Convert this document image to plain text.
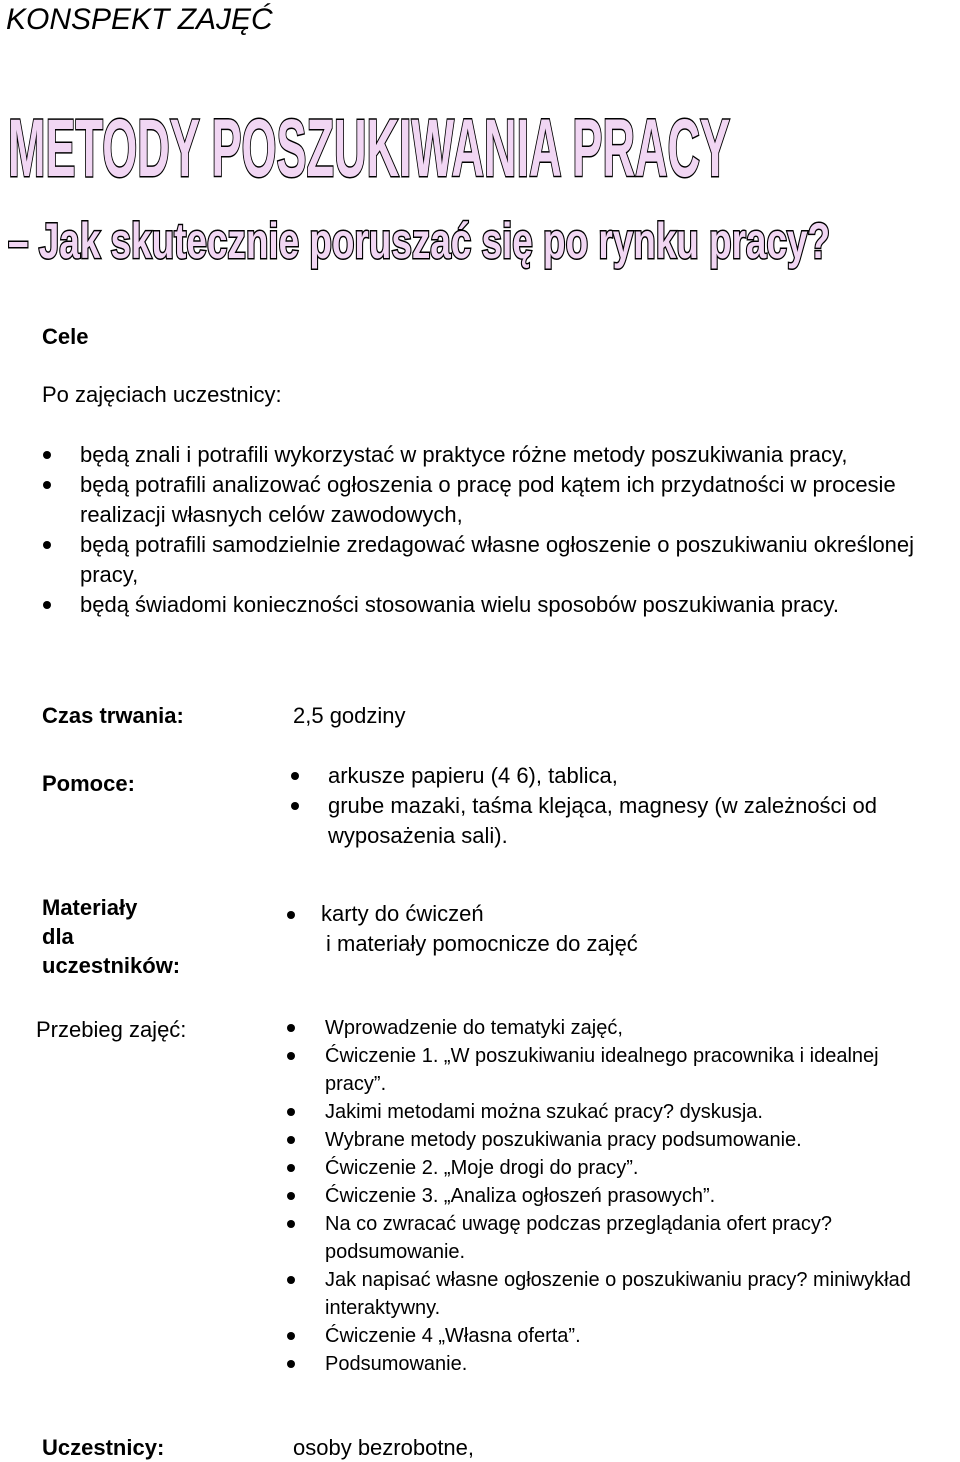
KONSPEKT ZAJĘĆ
METODY POSZUKIWANIA PRACY
– Jak skutecznie poruszać się po rynku pracy?
Cele
Po zajęciach uczestnicy:
będą znali i potrafili wykorzystać w praktyce różne metody poszukiwania pracy,
będą potrafili analizować ogłoszenia o pracę pod kątem ich przydatności w procesie realizacji własnych celów zawodowych,
będą potrafili samodzielnie zredagować własne ogłoszenie o poszukiwaniu określonej pracy,
będą świadomi konieczności stosowania wielu sposobów poszukiwania pracy.
Czas trwania:	2,5 godziny
Pomoce:	arkusze papieru (4 6), tablica,
grube mazaki, taśma klejąca, magnesy (w zależności od wyposażenia sali).
Materiały
dla
uczestników:
karty do ćwiczeń
i materiały pomocnicze do zajęć
Przebieg zajęć:	Wprowadzenie do tematyki zajęć,
Ćwiczenie 1. „W poszukiwaniu idealnego pracownika i idealnej pracy”.
Jakimi metodami można szukać pracy? dyskusja.
Wybrane metody poszukiwania pracy podsumowanie.
Ćwiczenie 2. „Moje drogi do pracy”.
Ćwiczenie 3. „Analiza ogłoszeń prasowych”.
Na co zwracać uwagę podczas przeglądania ofert pracy? podsumowanie.
Jak napisać własne ogłoszenie o poszukiwaniu pracy? miniwykład interaktywny.
Ćwiczenie 4 „Własna oferta”.
Podsumowanie.
Uczestnicy:	osoby bezrobotne,
